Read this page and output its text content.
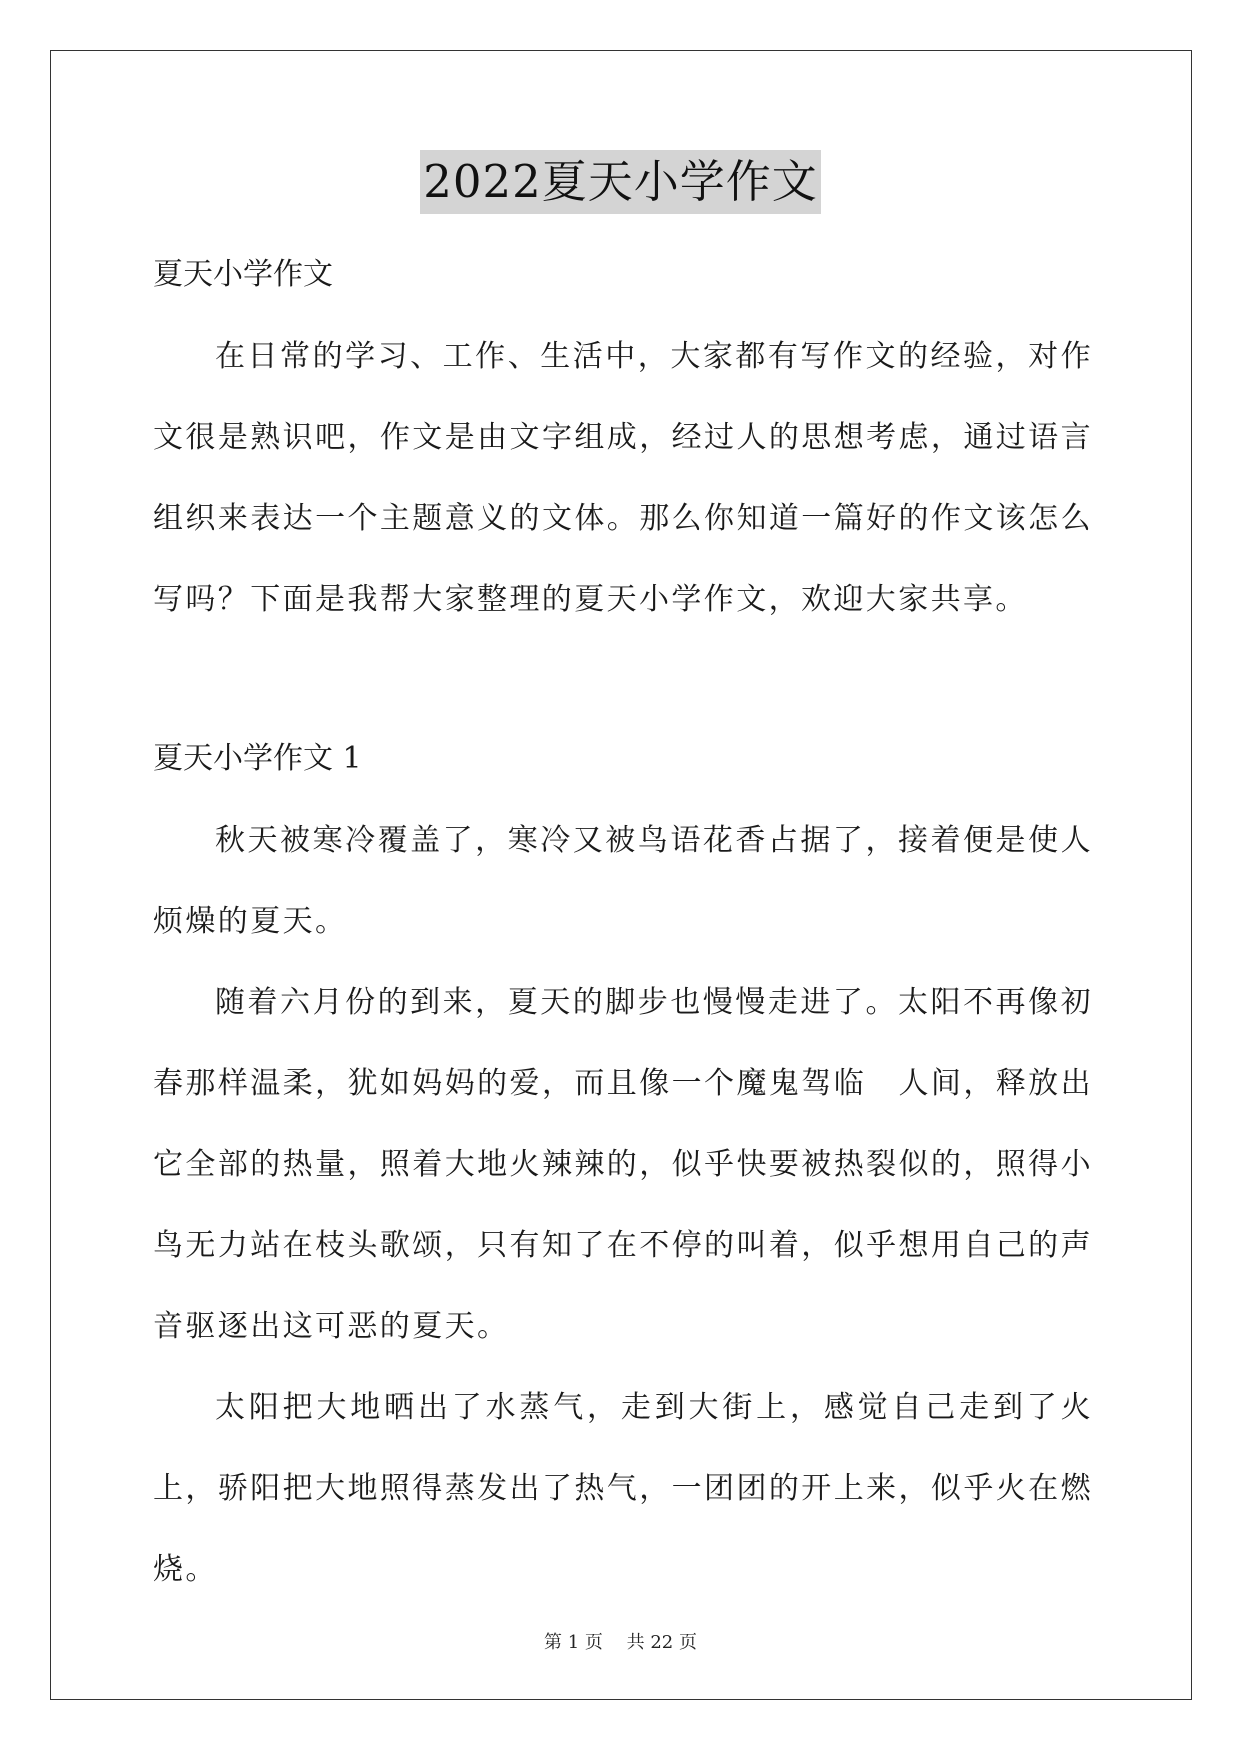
2022夏天小学作文

夏天小学作文

在日常的学习、工作、生活中，大家都有写作文的经验，对作文很是熟识吧，作文是由文字组成，经过人的思想考虑，通过语言组织来表达一个主题意义的文体。那么你知道一篇好的作文该怎么写吗？下面是我帮大家整理的夏天小学作文，欢迎大家共享。

夏天小学作文 1

秋天被寒冷覆盖了，寒冷又被鸟语花香占据了，接着便是使人烦燥的夏天。

随着六月份的到来，夏天的脚步也慢慢走进了。太阳不再像初春那样温柔，犹如妈妈的爱，而且像一个魔鬼驾临　人间，释放出它全部的热量，照着大地火辣辣的，似乎快要被热裂似的，照得小鸟无力站在枝头歌颂，只有知了在不停的叫着，似乎想用自己的声音驱逐出这可恶的夏天。

太阳把大地晒出了水蒸气，走到大街上，感觉自己走到了火上，骄阳把大地照得蒸发出了热气，一团团的开上来，似乎火在燃烧。

第 1 页　 共 22 页
